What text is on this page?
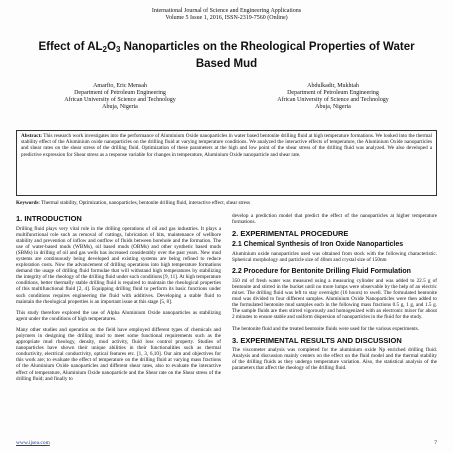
International Journal of Science and Engineering Applications
Volume 5 Issue 1, 2016, ISSN-2319-7560 (Online)
Effect of $AL_2O_3$ Nanoparticles on the Rheological Properties of Water Based Mud
Amarfio, Eric Mensah
Department of Petroleum Engineering
African University of Science and Technology
Abuja, Nigeria
Abdulkadir, Mukhtah
Department of Petroleum Engineering
African University of Science and Technology
Abuja, Nigeria
Abstract: This research work investigates into the performance of Aluminium Oxide nanoparticles in water based bentonite drilling fluid at high temperature formations. We looked into the thermal stability effect of the Aluminium oxide nanoparticles on the drilling fluid at varying temperature conditions. We analyzed the interactive effects of temperature, the Aluminium Oxide nanoparticles and shear rates on the shear stress of the drilling fluid. Optimization of these parameters at the high and low point of the shear stress of the drilling fluid was analyzed. We also developed a predictive expression for Shear stress as a response variable for changes in temperature, Aluminium Oxide nanoparticle and shear rate.
Keywords: Thermal stability, Optimization, nanoparticles, bentonite drilling fluid, interactive effect, shear stress
1. INTRODUCTION

Drilling fluid plays very vital role in the drilling operations of oil and gas industries. It plays a multifunctional role such as removal of cuttings, lubrication of bits, maintenance of wellbore stability and prevention of inflow and outflow of fluids between borehole and the formation. The use of water-based muds (WBMs), oil based muds (OBMs) and other synthetic based muds (SBMs) in drilling of oil and gas wells has increased considerably over the past years. New mud systems are continuously being developed and existing systems are being refined to reduce exploration costs. Now the advancement of drilling operations into high temperature formations demand the usage of drilling fluid formulae that will withstand high temperatures by stabilizing the integrity of the rheology of the drilling fluid under such conditions [9, 11]. At high temperature conditions, better thermally stable drilling fluid is required to maintain the rheological properties of this multifunctional fluid [2, 4]. Equipping drilling fluid to perform its basic functions under such conditions requires engineering the fluid with additives. Developing a stable fluid to maintain the rheological properties is an important issue at this stage [5, 8].

This study therefore explored the use of Alpha Aluminium Oxide nanoparticles as stabilizing agent under the conditions of high temperatures.

Many other studies and operation on the field have employed different types of chemicals and polymers in designing the drilling mud to meet some functional requirements such as the appropriate mud rheology, density, mud activity, fluid loss control property. Studies of nanoparticles have shown their unique abilities in their functionalities such as thermal conductivity, electrical conductivity, optical features etc. [1, 3, 6,10]. Our aim and objectives for this work are; to evaluate the effect of temperature on the drilling fluid at varying mass fractions of the Aluminium Oxide nanoparticles and different shear rates, also to evaluate the interactive effect of temperature, Aluminium Oxide nanoparticle and the Shear rate on the Shear stress of the drilling fluid; and finally to

develop a prediction model that predict the effect of the nanoparticles at higher temperature formations.

2. EXPERIMENTAL PROCEDURE
2.1 Chemical Synthesis of Iron Oxide Nanoparticles

Aluminium oxide nanoparticles used was obtained from stock with the following characteristic. Spherical morphology and particle size of 40nm and crystal size of 150nm

2.2 Procedure for Bentonite Drilling Fluid Formulation

350 ml of fresh water was measured using a measuring cylinder and was added to 22.5 g of bentonite and stirred in the bucket until no more lumps were observable by the help of an electric mixer. The drilling fluid was left to stay overnight (16 hours) to swell. The formulated bentonite mud was divided to four different samples. Aluminium Oxide Nanoparticles were then added to the formulated bentonite mud samples each in the following mass fractions 0.5 g, 1 g, and 1.5 g. The sample fluids are then stirred vigorously and homogenized with an electronic mixer for about 2 minutes to ensure stable and uniform dispersion of nanoparticles in the fluid for the study.

The bentonite fluid and the treated bentonite fluids were used for the various experiments.

3. EXPERIMENTAL RESULTS AND DISCUSSION

The viscometer analysis was completed for the aluminium oxide Np enriched drilling fluid. Analysis and discussion mainly centers on the effect on the fluid model and the thermal stability of the drilling fluids as they undergo temperature variation. Also, the statistical analysis of the parameters that affect the rheology of the drilling fluid.

www.ijsea.com	7
